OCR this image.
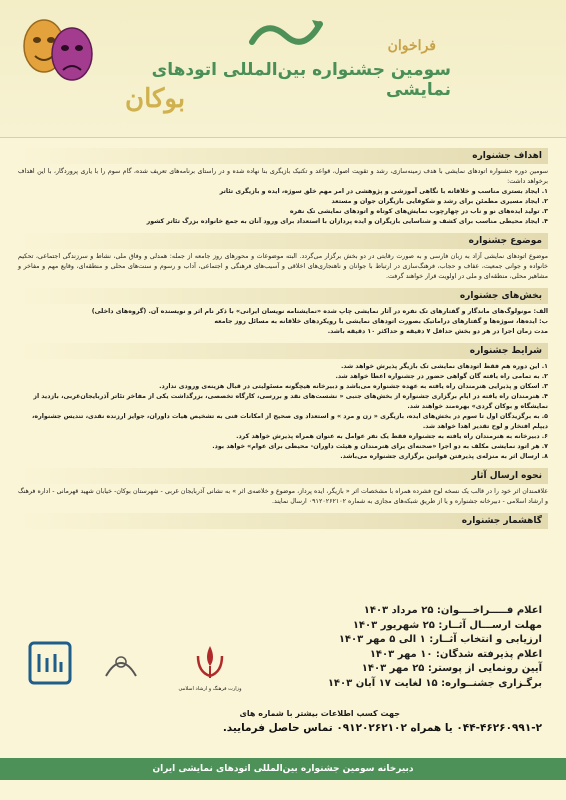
فراخوان
سومین جشنواره بین‌المللی اتودهای نمایشی
بوکان
اهداف جشنواره
سومین دوره جشنواره اتودهای نمایشی با هدف زمینه‌سازی، رشد و تقویت اصول، قواعد و تکنیک بازیگری بنا نهاده شده و در راستای برنامه‌های تعریف شده، گام سوم را با یاری پرورد‌گار، با این اهداف برخواهد داشت:
۱. ایجاد بستری مناسب و خلاقانه با نگاهی آموزشی و پژوهشی در امر مهم خلق سوژه، ایده و بازیگری تئاتر
۲. ایجاد مسیری مطمئن برای رشد و شکوفایی بازیگران جوان و مستعد
۳. تولید ایده‌های نو و ناب در چهارچوب نمایش‌های کوتاه و اتودهای نمایشی تک نفره
۴. ایجاد محیطی مناسب برای کشف و شناسایی بازیگران و ایده پردازان با استعداد برای ورود آنان به جمع خانواده بزرگ تئاتر کشور
موضوع جشنواره
موضوع اتودهای نمایشی آزاد به زبان فارسی و به صورت رقابتی در دو بخش برگزار می‌گردد. البته موضوعات و محورهای روز جامعه از جمله: همدلی و وفاق ملی، نشاط و سرزندگی اجتماعی، تحکیم خانواده و جوانی جمعیت، عفاف و حجاب، فرهنگ‌سازی در ارتباط با جوانان و ناهنجاری‌های اخلاقی و آسیب‌های فرهنگی و اجتماعی، آداب و رسوم و سنت‌های محلی و منطقه‌ای، وقایع مهم و مفاخر و مشاهیر محلی، منطقه‌ای و ملی در اولویت قرار خواهند گرفت.
بخش‌های جشنواره
الف: مونولوگ‌های ماندگار و گفتارهای تک نفره در آثار نمایشی چاپ شده «نمایشنامه نویسان ایرانی» با ذکر نام اثر و نویسنده آن. (گروه‌های داخلی)
ب: ایده‌ها، سوژه‌ها و گفتارهای دراماتیک بصورت اتودهای نمایشی با رویکردهای خلاقانه به مسائل روز جامعه
مدت زمان اجرا در هر دو بخش حداقل ۷ دقیقه و حداکثر ۱۰ دقیقه باشد.
شرایط جشنواره
۱. این دوره هم فقط اتودهای نمایشی تک بازیگر پذیرش خواهد شد.
۲. به تمامی راه یافته گان گواهی حضور در جشنواره اعطا خواهد شد.
۳. اسکان و پذیرایی هنرمندان راه یافته به عهده جشنواره می‌باشد و دبیرخانه هیچگونه مسئولیتی در قبال هزینه‌ی ورودی ندارد.
۴. هنرمندان راه یافته در ایام برگزاری جشنواره از بخش‌های جنبی « نشست‌های نقد و بررسی، کارگاه تخصصی، بزرگداشت یکی از مفاخر تئاتر آذربایجان‌غربی، بازدید از نمایشگاه و بوکان گردی» بهره‌مند خواهند شد.
۵. به برگزیدگان اول تا سوم در بخش‌های ایده، بازیگری « زن و مرد » و استعداد وی صحیح از امکانات فنی به تشخیص هیات داوران، جوایز ارزنده نقدی، تندیس جشنواره، دیپلم افتخار و لوح تقدیر اهدا خواهد شد.
۶. دبیرخانه به هنرمندان راه یافته به جشنواره فقط یک نفر عوامل به عنوان همراه پذیرش خواهد کرد.
۷. هر اتود نمایشی مکلف به دو اجرا «صحنه‌ای برای هنرمندان و هیئت داوران- محیطی برای عوام» خواهد بود.
۸. ارسال اثر به منزله‌ی پذیرفتن قوانین برگزاری جشنواره می‌باشد.
نحوه ارسال آثار
علاقمندان اثر خود را در قالب یک نسخه لوح فشرده همراه با مشخصات اثر « بازیگر، ایده پرداز، موضوع و خلاصه‌ی اثر » به نشانی آذربایجان غربی - شهرستان بوکان- خیابان شهید قهرمانی - اداره فرهنگ و ارشاد اسلامی - دبیرخانه جشنواره و یا از طریق شبکه‌های مجازی به شماره ۰۹۱۲۰۲۶۲۱۰۲ ارسال نمایند.
گاهشمار جشنواره
اعلام فـــــراخــــوان: ۲۵ مرداد ۱۴۰۳
مهلت ارســـال آثــار: ۲۵ شهریور ۱۴۰۳
ارزیابی و انتخاب آثــار: ۱ الی ۵ مهر ۱۴۰۳
اعلام پذیرفته شدگان: ۱۰ مهر ۱۴۰۳
آیین رونمایی از پوستر: ۲۵ مهر ۱۴۰۳
برگـزاری جشنــواره: ۱۵ لغایت ۱۷ آبان ۱۴۰۳
وزارت فرهنگ و ارشاد اسلامی
جهت کسب اطلاعات بیشتر با شماره های
۰۴۴-۴۶۲۶۰۹۹۱-۲ یا همراه ۰۹۱۲۰۲۶۲۱۰۲ تماس حاصل فرمایید.
دبیرخانه سومین جشنواره بین‌المللی اتودهای نمایشی ایران
